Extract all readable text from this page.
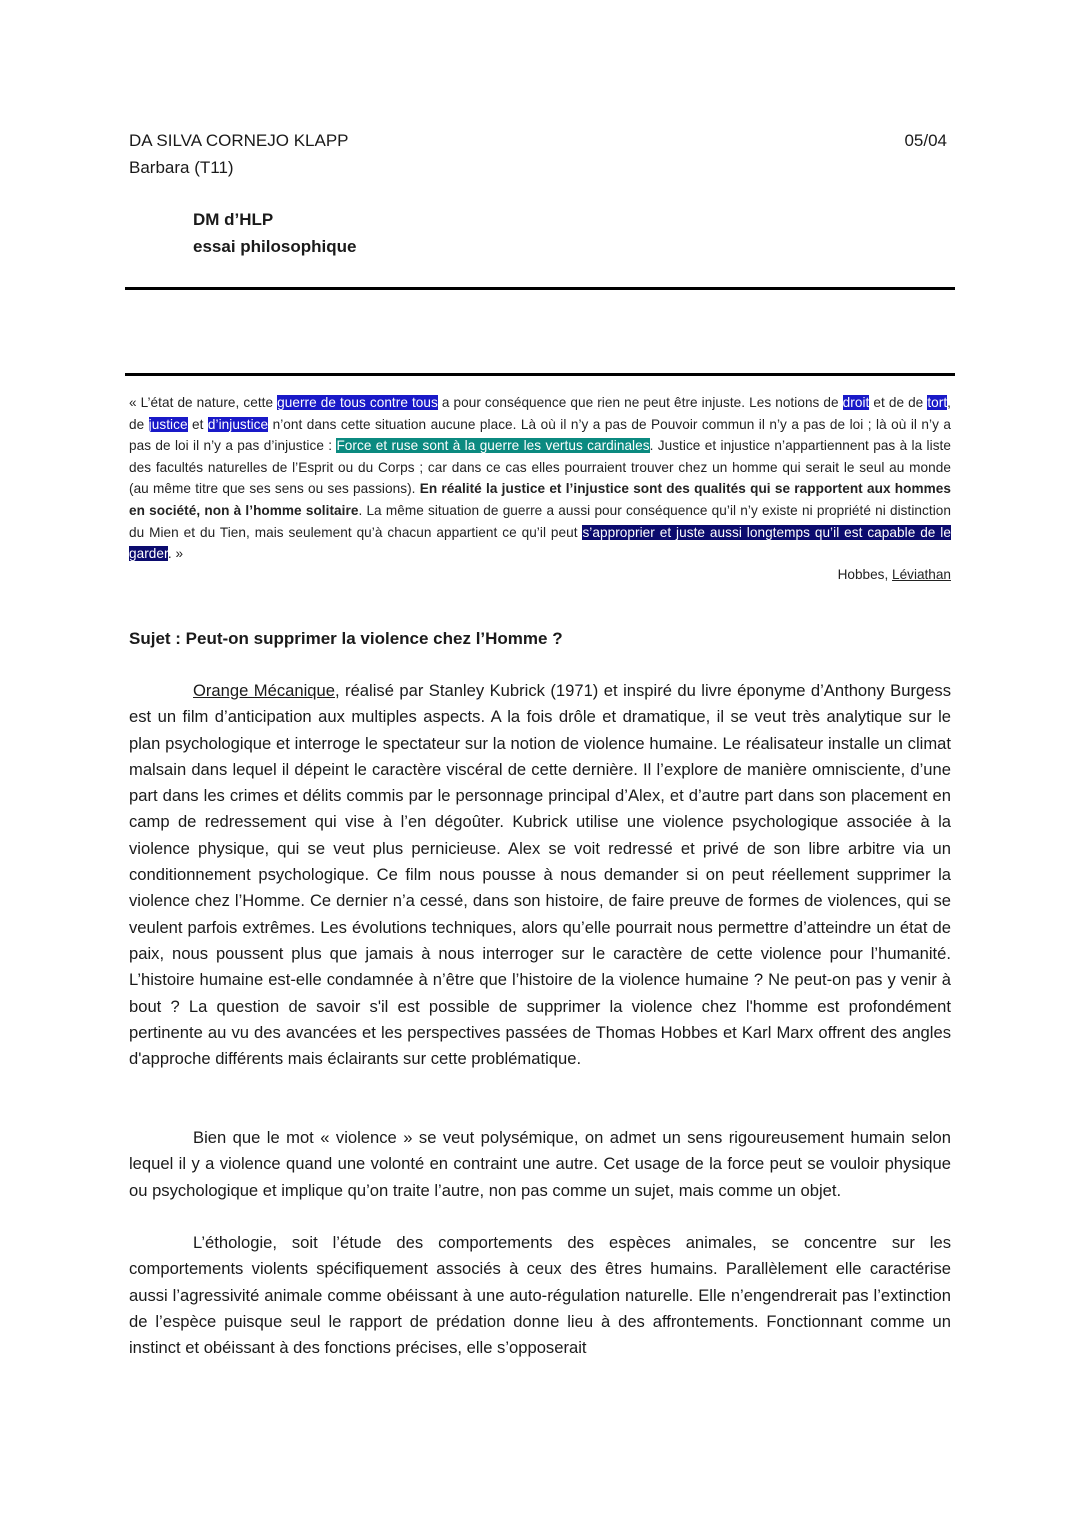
DA SILVA CORNEJO KLAPP
Barbara (T11)
05/04
DM d’HLP
essai philosophique
« L’état de nature, cette guerre de tous contre tous a pour conséquence que rien ne peut être injuste. Les notions de droit et de de tort, de justice et d’injustice n’ont dans cette situation aucune place. Là où il n’y a pas de Pouvoir commun il n’y a pas de loi ; là où il n’y a pas de loi il n’y a pas d’injustice : Force et ruse sont à la guerre les vertus cardinales. Justice et injustice n’appartiennent pas à la liste des facultés naturelles de l’Esprit ou du Corps ; car dans ce cas elles pourraient trouver chez un homme qui serait le seul au monde (au même titre que ses sens ou ses passions). En réalité la justice et l’injustice sont des qualités qui se rapportent aux hommes en société, non à l’homme solitaire. La même situation de guerre a aussi pour conséquence qu’il n’y existe ni propriété ni distinction du Mien et du Tien, mais seulement qu’à chacun appartient ce qu’il peut s’approprier et juste aussi longtemps qu’il est capable de le garder. »
Hobbes, Léviathan
Sujet : Peut-on supprimer la violence chez l’Homme ?
Orange Mécanique, réalisé par Stanley Kubrick (1971) et inspiré du livre éponyme d’Anthony Burgess est un film d’anticipation aux multiples aspects. A la fois drôle et dramatique, il se veut très analytique sur le plan psychologique et interroge le spectateur sur la notion de violence humaine. Le réalisateur installe un climat malsain dans lequel il dépeint le caractère viscéral de cette dernière. Il l’explore de manière omnisciente, d’une part dans les crimes et délits commis par le personnage principal d’Alex, et d’autre part dans son placement en camp de redressement qui vise à l’en dégoûter. Kubrick utilise une violence psychologique associée à la violence physique, qui se veut plus pernicieuse. Alex se voit redressé et privé de son libre arbitre via un conditionnement psychologique. Ce film nous pousse à nous demander si on peut réellement supprimer la violence chez l’Homme. Ce dernier n’a cessé, dans son histoire, de faire preuve de formes de violences, qui se veulent parfois extrêmes. Les évolutions techniques, alors qu’elle pourrait nous permettre d’atteindre un état de paix, nous poussent plus que jamais à nous interroger sur le caractère de cette violence pour l’humanité. L’histoire humaine est-elle condamnée à n’être que l’histoire de la violence humaine ? Ne peut-on pas y venir à bout ? La question de savoir s'il est possible de supprimer la violence chez l'homme est profondément pertinente au vu des avancées et les perspectives passées de Thomas Hobbes et Karl Marx offrent des angles d'approche différents mais éclairants sur cette problématique.
Bien que le mot « violence » se veut polysémique, on admet un sens rigoureusement humain selon lequel il y a violence quand une volonté en contraint une autre. Cet usage de la force peut se vouloir physique ou psychologique et implique qu’on traite l’autre, non pas comme un sujet, mais comme un objet.
L’éthologie, soit l’étude des comportements des espèces animales, se concentre sur les comportements violents spécifiquement associés à ceux des êtres humains. Parallèlement elle caractérise aussi l’agressivité animale comme obéissant à une auto-régulation naturelle. Elle n’engendrerait pas l’extinction de l’espèce puisque seul le rapport de prédation donne lieu à des affrontements. Fonctionnant comme un instinct et obéissant à des fonctions précises, elle s’opposerait
